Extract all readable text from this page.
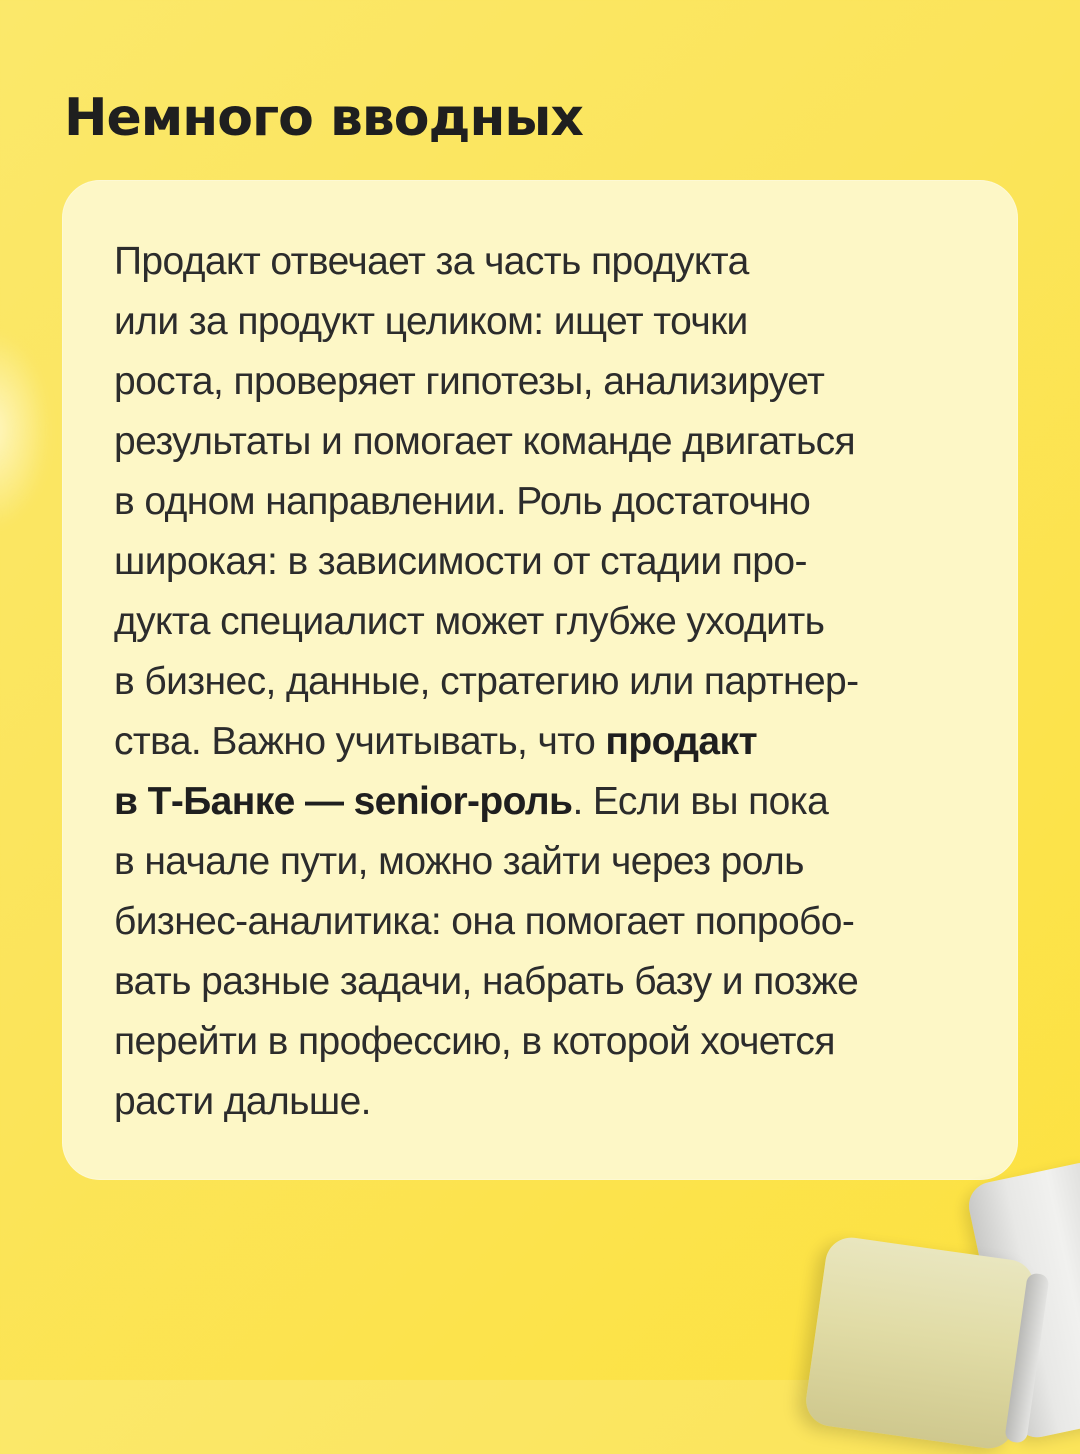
Немного вводных
Продакт отвечает за часть продукта
или за продукт целиком: ищет точки
роста, проверяет гипотезы, анализирует
результаты и помогает команде двигаться
в одном направлении. Роль достаточно
широкая: в зависимости от стадии про-
дукта специалист может глубже уходить
в бизнес, данные, стратегию или партнер-
ства. Важно учитывать, что продакт
в Т-Банке — senior-роль. Если вы пока
в начале пути, можно зайти через роль
бизнес-аналитика: она помогает попробо-
вать разные задачи, набрать базу и позже
перейти в профессию, в которой хочется
расти дальше.
